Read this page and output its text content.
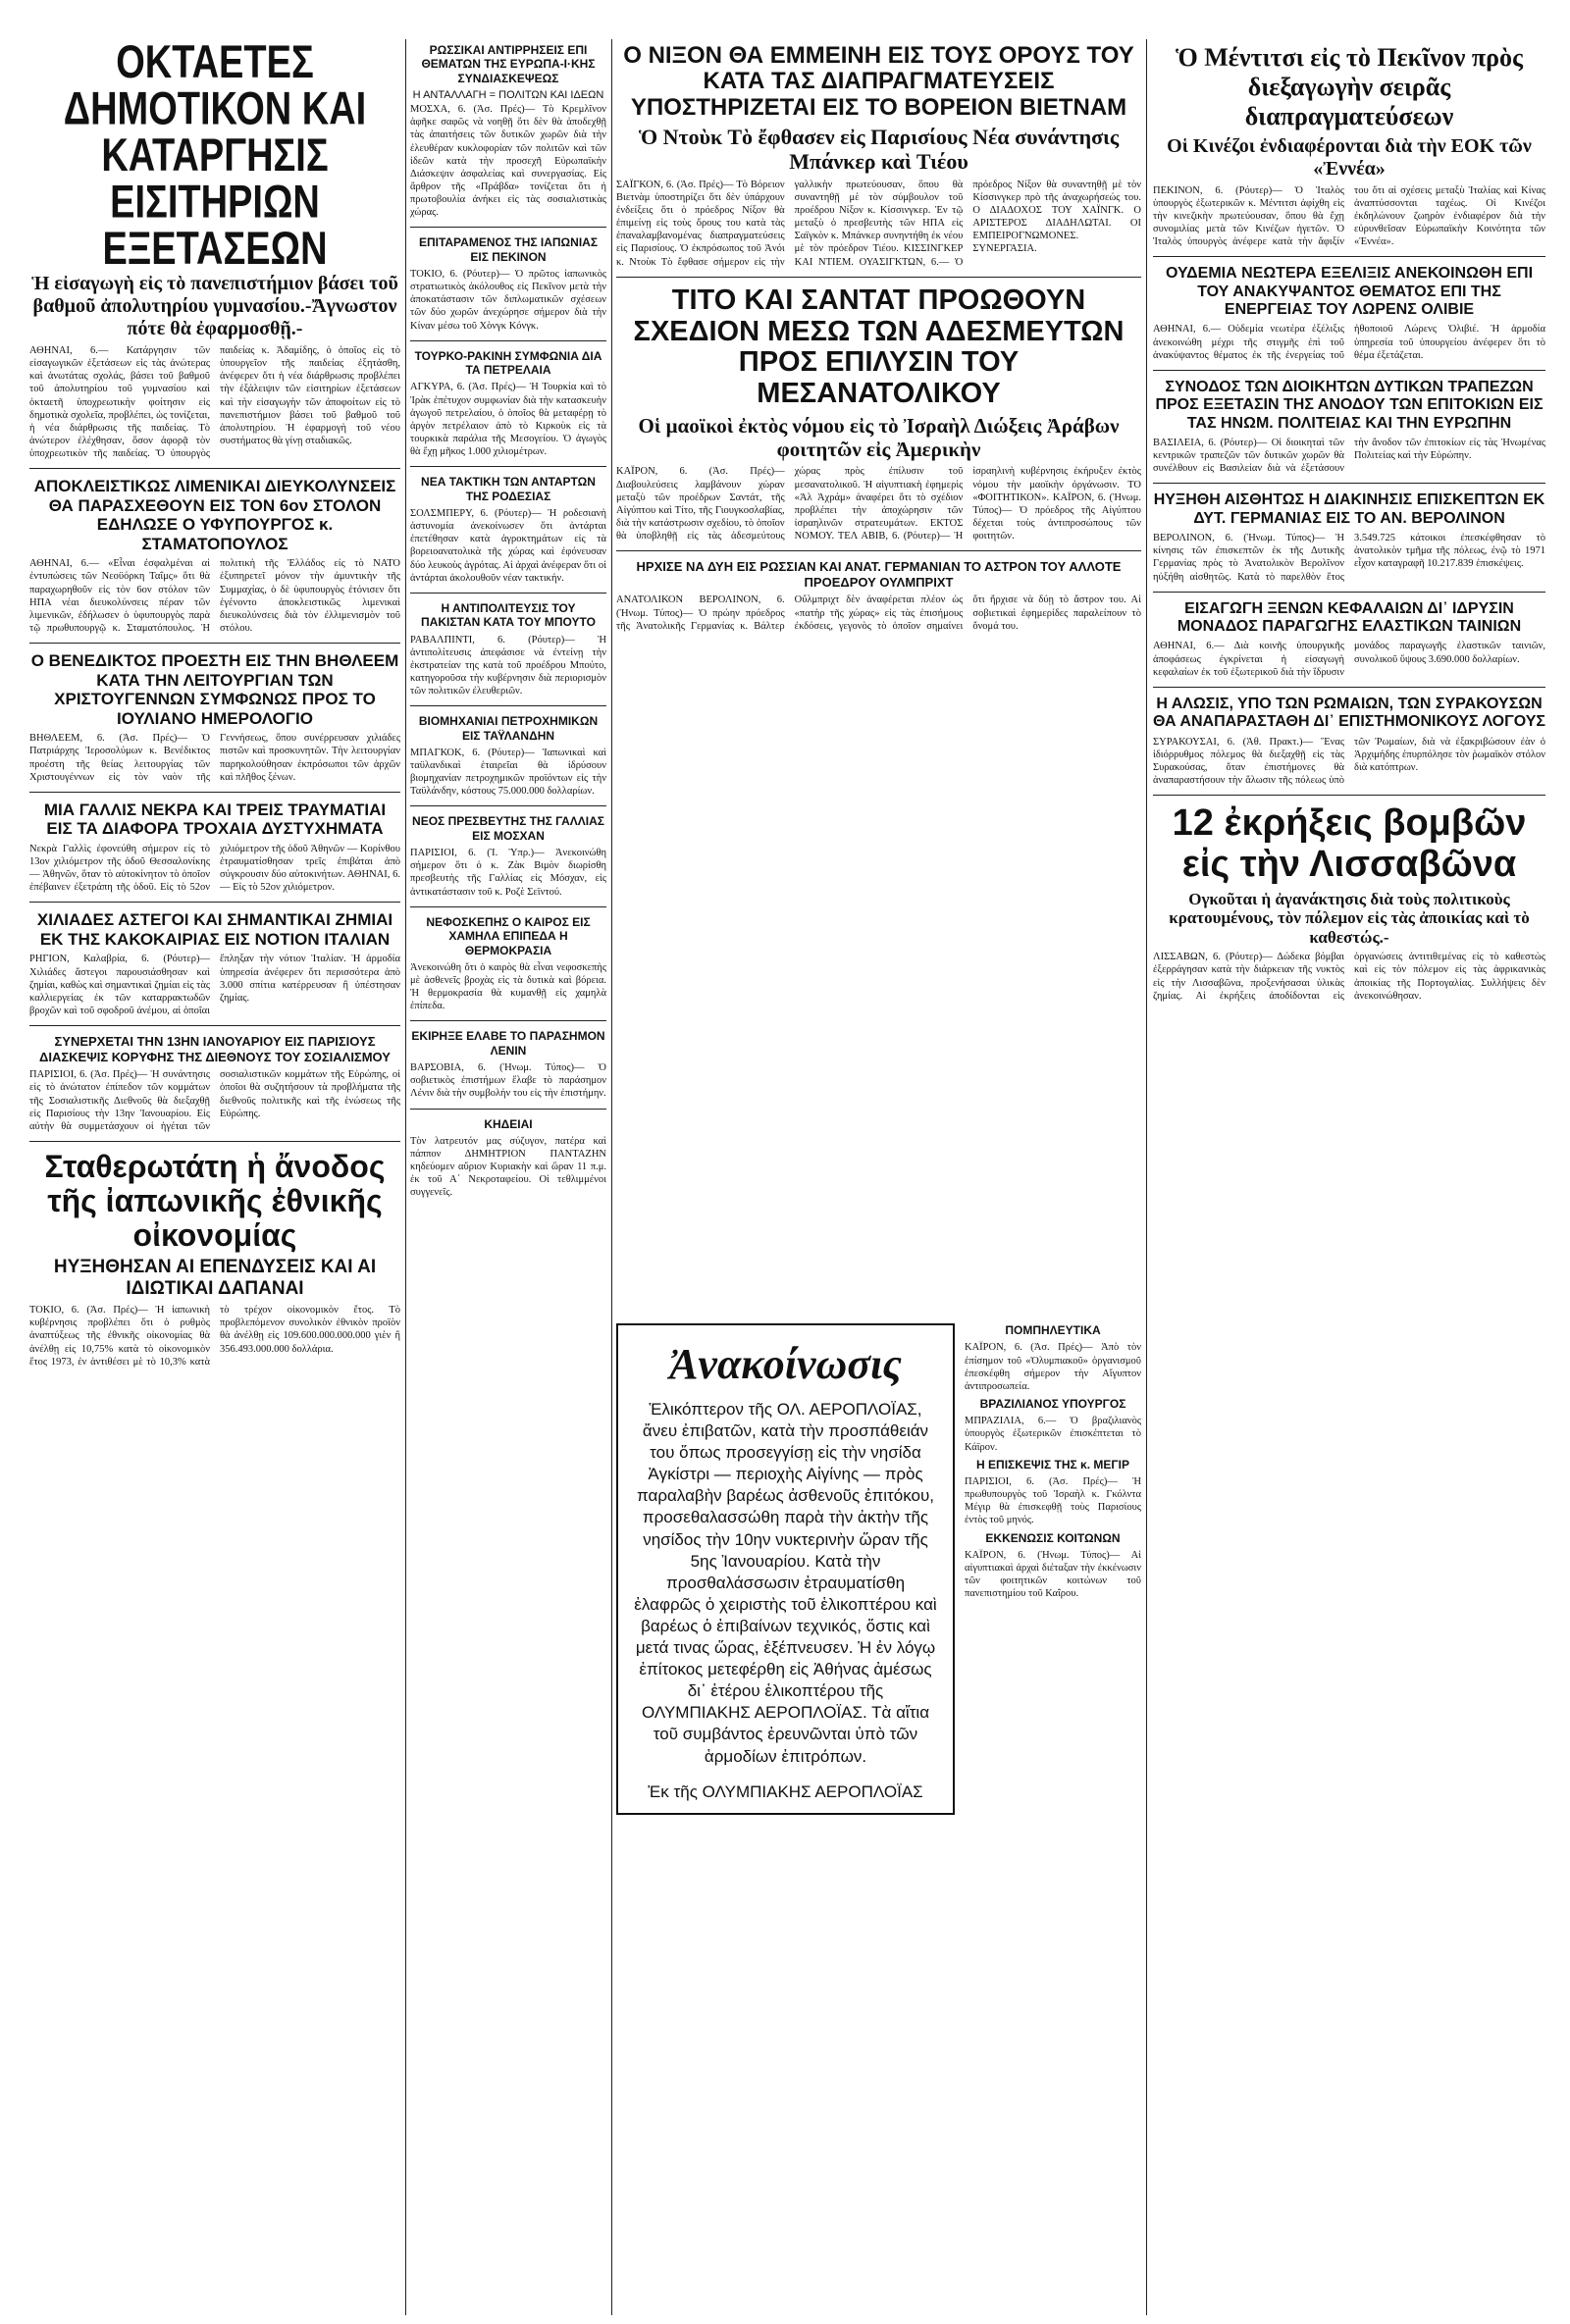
ΟΚΤΑΕΤΕΣ ΔΗΜΟΤΙΚΟΝ ΚΑΙ ΚΑΤΑΡΓΗΣΙΣ ΕΙΣΙΤΗΡΙΩΝ ΕΞΕΤΑΣΕΩΝ
Ἡ εἰσαγωγὴ εἰς τὸ πανεπιστήμιον βάσει τοῦ βαθμοῦ ἀπολυτηρίου γυμνασίου.-Ἄγνωστον πότε θὰ ἐφαρμοσθῇ.-

ΑΘΗΝΑΙ, 6.— Κατάργησιν τῶν εἰσαγωγικῶν ἐξετάσεων εἰς τὰς ἀνώτερας καὶ ἀνωτάτας σχολάς, βάσει τοῦ βαθμοῦ τοῦ ἀπολυτηρίου τοῦ γυμνασίου καὶ ὀκταετῆ ὑποχρεωτικὴν φοίτησιν εἰς δημοτικὰ σχολεῖα, προβλέπει, ὡς τονίζεται, ἡ νέα διάρθρωσις τῆς παιδείας. Τὸ ἀνώτερον ἐλέχθησαν, ὅσον ἀφορᾷ τὸν ὑποχρεωτικὸν τῆς παιδείας. Ὅ ὑπουργὸς παιδείας κ. Ἀδαμίδης, ὁ ὁποῖος εἰς τὸ ὑπουργεῖον τῆς παιδείας ἐξητάσθη, ἀνέφερεν ὅτι ἡ νέα διάρθρωσις προβλέπει τὴν ἐξάλειψιν τῶν εἰσιτηρίων ἐξετάσεων καὶ τὴν εἰσαγωγὴν τῶν ἀποφοίτων εἰς τὸ πανεπιστήμιον βάσει τοῦ βαθμοῦ τοῦ ἀπολυτηρίου. Ἡ ἐφαρμογὴ τοῦ νέου συστήματος θὰ γίνῃ σταδιακῶς.

ΑΠΟΚΛΕΙΣΤΙΚΩΣ ΛΙΜΕΝΙΚΑΙ ΔΙΕΥΚΟΛΥΝΣΕΙΣ ΘΑ ΠΑΡΑΣΧΕΘΟΥΝ ΕΙΣ ΤΟΝ 6ον ΣΤΟΛΟΝ ΕΔΗΛΩΣΕ Ο ΥΦΥΠΟΥΡΓΟΣ κ. ΣΤΑΜΑΤΟΠΟΥΛΟΣ

ΑΘΗΝΑΙ, 6.— «Εἶναι ἐσφαλμέναι αἱ ἐντυπώσεις τῶν Νεοϋόρκη Ταΐμς» ὅτι θὰ παραχωρηθοῦν εἰς τὸν 6ον στόλον τῶν ΗΠΑ νέαι διευκολύνσεις πέραν τῶν λιμενικῶν, ἐδήλωσεν ὁ ὑφυπουργὸς παρὰ τῷ πρωθυπουργῷ κ. Σταματόπουλος. Ἡ πολιτικὴ τῆς Ἑλλάδος εἰς τὸ ΝΑΤΟ ἐξυπηρετεῖ μόνον τὴν ἀμυντικὴν τῆς Συμμαχίας, ὁ δὲ ὑφυπουργὸς ἐτόνισεν ὅτι ἐγένοντο ἀποκλειστικῶς λιμενικαὶ διευκολύνσεις διὰ τὸν ἐλλιμενισμὸν τοῦ στόλου.

Ο ΒΕΝΕΔΙΚΤΟΣ ΠΡΟΕΣΤΗ ΕΙΣ ΤΗΝ ΒΗΘΛΕΕΜ ΚΑΤΑ ΤΗΝ ΛΕΙΤΟΥΡΓΙΑΝ ΤΩΝ ΧΡΙΣΤΟΥΓΕΝΝΩΝ ΣΥΜΦΩΝΩΣ ΠΡΟΣ ΤΟ ΙΟΥΛΙΑΝΟ ΗΜΕΡΟΛΟΓΙΟ

ΒΗΘΛΕΕΜ, 6. (Ἀσ. Πρές)— Ὁ Πατριάρχης Ἱεροσολύμων κ. Βενέδικτος προέστη τῆς θείας λειτουργίας τῶν Χριστουγέννων εἰς τὸν ναὸν τῆς Γεννήσεως, ὅπου συνέρρευσαν χιλιάδες πιστῶν καὶ προσκυνητῶν. Τὴν λειτουργίαν παρηκολούθησαν ἐκπρόσωποι τῶν ἀρχῶν καὶ πλῆθος ξένων.

ΜΙΑ ΓΑΛΛΙΣ ΝΕΚΡΑ ΚΑΙ ΤΡΕΙΣ ΤΡΑΥΜΑΤΙΑΙ ΕΙΣ ΤΑ ΔΙΑΦΟΡΑ ΤΡΟΧΑΙΑ ΔΥΣΤΥΧΗΜΑΤΑ

Νεκρὰ Γαλλὶς ἐφονεύθη σήμερον εἰς τὸ 13ον χιλιόμετρον τῆς ὁδοῦ Θεσσαλονίκης — Ἀθηνῶν, ὅταν τὸ αὐτοκίνητον τὸ ὁποῖον ἐπέβαινεν ἐξετράπη τῆς ὁδοῦ. Εἰς τὸ 52ον χιλιόμετρον τῆς ὁδοῦ Ἀθηνῶν — Κορίνθου ἐτραυματίσθησαν τρεῖς ἐπιβάται ἀπὸ σύγκρουσιν δύο αὐτοκινήτων. ΑΘΗΝΑΙ, 6.— Εἰς τὸ 52ον χιλιόμετρον.

ΧΙΛΙΑΔΕΣ ΑΣΤΕΓΟΙ ΚΑΙ ΣΗΜΑΝΤΙΚΑΙ ΖΗΜΙΑΙ ΕΚ ΤΗΣ ΚΑΚΟΚΑΙΡΙΑΣ ΕΙΣ ΝΟΤΙΟΝ ΙΤΑΛΙΑΝ

ΡΗΓΙΟΝ, Καλαβρία, 6. (Ρόυτερ)— Χιλιάδες ἄστεγοι παρουσιάσθησαν καὶ ζημίαι, καθὼς καὶ σημαντικαὶ ζημίαι εἰς τὰς καλλιεργείας ἐκ τῶν καταρρακτωδῶν βροχῶν καὶ τοῦ σφοδροῦ ἀνέμου, αἱ ὁποῖαι ἔπληξαν τὴν νότιον Ἰταλίαν. Ἡ ἀρμοδία ὑπηρεσία ἀνέφερεν ὅτι περισσότερα ἀπὸ 3.000 σπίτια κατέρρευσαν ἢ ὑπέστησαν ζημίας.

ΣΥΝΕΡΧΕΤΑΙ ΤΗΝ 13ΗΝ ΙΑΝΟΥΑΡΙΟΥ ΕΙΣ ΠΑΡΙΣΙΟΥΣ ΔΙΑΣΚΕΨΙΣ ΚΟΡΥΦΗΣ ΤΗΣ ΔΙΕΘΝΟΥΣ ΤΟΥ ΣΟΣΙΑΛΙΣΜΟΥ

ΠΑΡΙΣΙΟΙ, 6. (Ἀσ. Πρές)— Ἡ συνάντησις εἰς τὸ ἀνώτατον ἐπίπεδον τῶν κομμάτων τῆς Σοσιαλιστικῆς Διεθνοῦς θὰ διεξαχθῇ εἰς Παρισίους τὴν 13ην Ἰανουαρίου. Εἰς αὐτὴν θὰ συμμετάσχουν οἱ ἡγέται τῶν σοσιαλιστικῶν κομμάτων τῆς Εὐρώπης, οἱ ὁποῖοι θὰ συζητήσουν τὰ προβλήματα τῆς διεθνοῦς πολιτικῆς καὶ τῆς ἑνώσεως τῆς Εὐρώπης.

Σταθερωτάτη ἡ ἄνοδος τῆς ἰαπωνικῆς ἐθνικῆς οἰκονομίας
ΗΥΞΗΘΗΣΑΝ ΑΙ ΕΠΕΝΔΥΣΕΙΣ ΚΑΙ ΑΙ ΙΔΙΩΤΙΚΑΙ ΔΑΠΑΝΑΙ

ΤΟΚΙΟ, 6. (Ἀσ. Πρές)— Ἡ ἰαπωνικὴ κυβέρνησις προβλέπει ὅτι ὁ ρυθμὸς ἀναπτύξεως τῆς ἐθνικῆς οἰκονομίας θὰ ἀνέλθῃ εἰς 10,75% κατὰ τὸ οἰκονομικὸν ἔτος 1973, ἐν ἀντιθέσει μὲ τὸ 10,3% κατὰ τὸ τρέχον οἰκονομικὸν ἔτος. Τὸ προβλεπόμενον συνολικὸν ἐθνικὸν προϊὸν θὰ ἀνέλθῃ εἰς 109.600.000.000.000 γιὲν ἢ 356.493.000.000 δολλάρια.

ΡΩΣΣΙΚΑΙ ΑΝΤΙΡΡΗΣΕΙΣ ΕΠΙ ΘΕΜΑΤΩΝ ΤΗΣ ΕΥΡΩΠΑ-Ι·ΚΗΣ ΣΥΝΔΙΑΣΚΕΨΕΩΣ
Η ΑΝΤΑΛΛΑΓΗ = ΠΟΛΙΤΩΝ ΚΑΙ ΙΔΕΩΝ

ΜΟΣΧΑ, 6. (Ἀσ. Πρές)— Τὸ Κρεμλῖνον ἀφῆκε σαφῶς νὰ νοηθῇ ὅτι δὲν θὰ ἀποδεχθῇ τὰς ἀπαιτήσεις τῶν δυτικῶν χωρῶν διὰ τὴν ἐλευθέραν κυκλοφορίαν τῶν πολιτῶν καὶ τῶν ἰδεῶν κατὰ τὴν προσεχῆ Εὐρωπαϊκὴν Διάσκεψιν ἀσφαλείας καὶ συνεργασίας. Εἰς ἄρθρον τῆς «Πράβδα» τονίζεται ὅτι ἡ πρωτοβουλία ἀνήκει εἰς τὰς σοσιαλιστικὰς χώρας.

ΕΠΙΤΑΡΑΜΕΝΟΣ ΤΗΣ ΙΑΠΩΝΙΑΣ ΕΙΣ ΠΕΚΙΝΟΝ

ΤΟΚΙΟ, 6. (Ρόυτερ)— Ὁ πρῶτος ἰαπωνικὸς στρατιωτικὸς ἀκόλουθος εἰς Πεκῖνον μετὰ τὴν ἀποκατάστασιν τῶν διπλωματικῶν σχέσεων τῶν δύο χωρῶν ἀνεχώρησε σήμερον διὰ τὴν Κίναν μέσω τοῦ Χὸνγκ Κόνγκ.

ΤΟΥΡΚΟ-ΡΑΚΙΝΗ ΣΥΜΦΩΝΙΑ ΔΙΑ ΤΑ ΠΕΤΡΕΛΑΙΑ

ΑΓΚΥΡΑ, 6. (Ἀσ. Πρές)— Ἡ Τουρκία καὶ τὸ Ἰρὰκ ἐπέτυχον συμφωνίαν διὰ τὴν κατασκευὴν ἀγωγοῦ πετρελαίου, ὁ ὁποῖος θὰ μεταφέρῃ τὸ ἀργὸν πετρέλαιον ἀπὸ τὸ Κιρκοὺκ εἰς τὰ τουρκικὰ παράλια τῆς Μεσογείου. Ὁ ἀγωγὸς θὰ ἔχῃ μῆκος 1.000 χιλιομέτρων.

ΝΕΑ ΤΑΚΤΙΚΗ ΤΩΝ ΑΝΤΑΡΤΩΝ ΤΗΣ ΡΟΔΕΣΙΑΣ

ΣΟΛΣΜΠΕΡΥ, 6. (Ρόυτερ)— Ἡ ροδεσιανὴ ἀστυνομία ἀνεκοίνωσεν ὅτι ἀντάρται ἐπετέθησαν κατὰ ἀγροκτημάτων εἰς τὰ βορειοανατολικὰ τῆς χώρας καὶ ἐφόνευσαν δύο λευκοὺς ἀγρότας. Αἱ ἀρχαὶ ἀνέφεραν ὅτι οἱ ἀντάρται ἀκολουθοῦν νέαν τακτικήν.

Η ΑΝΤΙΠΟΛΙΤΕΥΣΙΣ ΤΟΥ ΠΑΚΙΣΤΑΝ ΚΑΤΑ ΤΟΥ ΜΠΟΥΤΟ

ΡΑΒΑΛΠΙΝΤΙ, 6. (Ρόυτερ)— Ἡ ἀντιπολίτευσις ἀπεφάσισε νὰ ἐντείνῃ τὴν ἐκστρατείαν της κατὰ τοῦ προέδρου Μπούτο, κατηγοροῦσα τὴν κυβέρνησιν διὰ περιορισμὸν τῶν πολιτικῶν ἐλευθεριῶν.

ΒΙΟΜΗΧΑΝΙΑΙ ΠΕΤΡΟΧΗΜΙΚΩΝ ΕΙΣ ΤΑΫΛΑΝΔΗΝ

ΜΠΑΓΚΟΚ, 6. (Ρόυτερ)— Ἰαπωνικαὶ καὶ ταϋλανδικαὶ ἑταιρεῖαι θὰ ἱδρύσουν βιομηχανίαν πετροχημικῶν προϊόντων εἰς τὴν Ταϋλάνδην, κόστους 75.000.000 δολλαρίων.

ΝΕΟΣ ΠΡΕΣΒΕΥΤΗΣ ΤΗΣ ΓΑΛΛΙΑΣ ΕΙΣ ΜΟΣΧΑΝ

ΠΑΡΙΣΙΟΙ, 6. (Ἰ. Ὑπρ.)— Ἀνεκοινώθη σήμερον ὅτι ὁ κ. Ζὰκ Βιμὸν διωρίσθη πρεσβευτὴς τῆς Γαλλίας εἰς Μόσχαν, εἰς ἀντικατάστασιν τοῦ κ. Ροζὲ Σεϊντού.

ΝΕΦΟΣΚΕΠΗΣ Ο ΚΑΙΡΟΣ ΕΙΣ ΧΑΜΗΛΑ ΕΠΙΠΕΔΑ Η ΘΕΡΜΟΚΡΑΣΙΑ

Ἀνεκοινώθη ὅτι ὁ καιρὸς θὰ εἶναι νεφοσκεπὴς μὲ ἀσθενεῖς βροχὰς εἰς τὰ δυτικὰ καὶ βόρεια. Ἡ θερμοκρασία θὰ κυμανθῇ εἰς χαμηλὰ ἐπίπεδα.

ΕΚΙΡΗΞΕ ΕΛΑΒΕ ΤΟ ΠΑΡΑΣΗΜΟΝ ΛΕΝΙΝ

ΒΑΡΣΟΒΙΑ, 6. (Ἠνωμ. Τύπος)— Ὁ σοβιετικὸς ἐπιστήμων ἔλαβε τὸ παράσημον Λένιν διὰ τὴν συμβολήν του εἰς τὴν ἐπιστήμην.

ΚΗΔΕΙΑΙ

Τὸν λατρευτόν μας σύζυγον, πατέρα καὶ πάππον ΔΗΜΗΤΡΙΟΝ ΠΑΝΤΑΖΗΝ κηδεύομεν αὔριον Κυριακὴν καὶ ὥραν 11 π.μ. ἐκ τοῦ Α΄ Νεκροταφείου. Οἱ τεθλιμμένοι συγγενεῖς.

Ο ΝΙΞΟΝ ΘΑ ΕΜΜΕΙΝΗ ΕΙΣ ΤΟΥΣ ΟΡΟΥΣ ΤΟΥ ΚΑΤΑ ΤΑΣ ΔΙΑΠΡΑΓΜΑΤΕΥΣΕΙΣ ΥΠΟΣΤΗΡΙΖΕΤΑΙ ΕΙΣ ΤΟ ΒΟΡΕΙΟΝ ΒΙΕΤΝΑΜ
Ὁ Ντοὺκ Τὸ ἔφθασεν εἰς Παρισίους Νέα συνάντησις Μπάνκερ καὶ Τιέου

ΣΑΪΓΚΟΝ, 6. (Ἀσ. Πρές)— Τὸ Βόρειον Βιετνὰμ ὑποστηρίζει ὅτι δὲν ὑπάρχουν ἐνδείξεις ὅτι ὁ πρόεδρος Νίξον θὰ ἐπιμείνῃ εἰς τοὺς ὅρους του κατὰ τὰς ἐπαναλαμβανομένας διαπραγματεύσεις εἰς Παρισίους. Ὁ ἐκπρόσωπος τοῦ Ἀνόι κ. Ντοὺκ Τὸ ἔφθασε σήμερον εἰς τὴν γαλλικὴν πρωτεύουσαν, ὅπου θὰ συναντηθῇ μὲ τὸν σύμβουλον τοῦ προέδρου Νίξον κ. Κίσσινγκερ. Ἐν τῷ μεταξὺ ὁ πρεσβευτὴς τῶν ΗΠΑ εἰς Σαϊγκὸν κ. Μπάνκερ συνηντήθη ἐκ νέου μὲ τὸν πρόεδρον Τιέου. ΚΙΣΣΙΝΓΚΕΡ ΚΑΙ ΝΤΙΕΜ. ΟΥΑΣΙΓΚΤΩΝ, 6.— Ὁ πρόεδρος Νίξον θὰ συναντηθῇ μὲ τὸν Κίσσινγκερ πρὸ τῆς ἀναχωρήσεώς του. Ο ΔΙΑΔΟΧΟΣ ΤΟΥ ΧΑΪΝΓΚ. Ο ΑΡΙΣΤΕΡΟΣ ΔΙΑΔΗΛΩΤΑΙ. ΟΙ ΕΜΠΕΙΡΟΓΝΩΜΟΝΕΣ. ΣΥΝΕΡΓΑΣΙΑ.

ΤΙΤΟ ΚΑΙ ΣΑΝΤΑΤ ΠΡΟΩΘΟΥΝ ΣΧΕΔΙΟΝ ΜΕΣΩ ΤΩΝ ΑΔΕΣΜΕΥΤΩΝ ΠΡΟΣ ΕΠΙΛΥΣΙΝ ΤΟΥ ΜΕΣΑΝΑΤΟΛΙΚΟΥ
Οἱ μαοϊκοὶ ἐκτὸς νόμου εἰς τὸ Ἰσραὴλ Διώξεις Ἀράβων φοιτητῶν εἰς Ἀμερικὴν

ΚΑΪΡΟΝ, 6. (Ἀσ. Πρές)— Διαβουλεύσεις λαμβάνουν χώραν μεταξὺ τῶν προέδρων Σαντάτ, τῆς Αἰγύπτου καὶ Τίτο, τῆς Γιουγκοσλαβίας, διὰ τὴν κατάστρωσιν σχεδίου, τὸ ὁποῖον θὰ ὑποβληθῇ εἰς τὰς ἀδεσμεύτους χώρας πρὸς ἐπίλυσιν τοῦ μεσανατολικοῦ. Ἡ αἰγυπτιακὴ ἐφημερὶς «Ἀλ Ἀχράμ» ἀναφέρει ὅτι τὸ σχέδιον προβλέπει τὴν ἀποχώρησιν τῶν ἰσραηλινῶν στρατευμάτων. ΕΚΤΟΣ ΝΟΜΟΥ. ΤΕΛ ΑΒΙΒ, 6. (Ρόυτερ)— Ἡ ἰσραηλινὴ κυβέρνησις ἐκήρυξεν ἐκτὸς νόμου τὴν μαοϊκὴν ὀργάνωσιν. ΤΟ «ΦΟΙΤΗΤΙΚΟΝ». ΚΑΪΡΟΝ, 6. (Ἠνωμ. Τύπος)— Ὁ πρόεδρος τῆς Αἰγύπτου δέχεται τοὺς ἀντιπροσώπους τῶν φοιτητῶν.

ΗΡΧΙΣΕ ΝΑ ΔΥΗ ΕΙΣ ΡΩΣΣΙΑΝ ΚΑΙ ΑΝΑΤ. ΓΕΡΜΑΝΙΑΝ ΤΟ ΑΣΤΡΟΝ ΤΟΥ ΑΛΛΟΤΕ ΠΡΟΕΔΡΟΥ ΟΥΛΜΠΡΙΧΤ

ΑΝΑΤΟΛΙΚΟΝ ΒΕΡΟΛΙΝΟΝ, 6. (Ἠνωμ. Τύπος)— Ὁ πρώην πρόεδρος τῆς Ἀνατολικῆς Γερμανίας κ. Βάλτερ Οὔλμπριχτ δὲν ἀναφέρεται πλέον ὡς «πατὴρ τῆς χώρας» εἰς τὰς ἐπισήμους ἐκδόσεις, γεγονὸς τὸ ὁποῖον σημαίνει ὅτι ἤρχισε νὰ δύῃ τὸ ἄστρον του. Αἱ σοβιετικαὶ ἐφημερίδες παραλείπουν τὸ ὄνομά του.

Ἀνακοίνωσις
Ἑλικόπτερον τῆς ΟΛ. ΑΕΡΟΠΛΟΪΑΣ, ἄνευ ἐπιβατῶν, κατὰ τὴν προσπάθειάν του ὅπως προσεγγίσῃ εἰς τὴν νησίδα Ἀγκίστρι — περιοχὴς Αἰγίνης — πρὸς παραλαβὴν βαρέως ἀσθενοῦς ἐπιτόκου, προσεθαλασσώθη παρὰ τὴν ἀκτὴν τῆς νησίδος τὴν 10ην νυκτερινὴν ὥραν τῆς 5ης Ἰανουαρίου. Κατὰ τὴν προσθαλάσσωσιν ἐτραυματίσθη ἐλαφρῶς ὁ χειριστὴς τοῦ ἑλικοπτέρου καὶ βαρέως ὁ ἐπιβαίνων τεχνικός, ὅστις καὶ μετά τινας ὥρας, ἐξέπνευσεν. Ἡ ἐν λόγῳ ἐπίτοκος μετεφέρθη εἰς Ἀθήνας ἀμέσως δι᾽ ἑτέρου ἑλικοπτέρου τῆς ΟΛΥΜΠΙΑΚΗΣ ΑΕΡΟΠΛΟΪΑΣ. Τὰ αἴτια τοῦ συμβάντος ἐρευνῶνται ὑπὸ τῶν ἁρμοδίων ἐπιτρόπων.
Ἐκ τῆς ΟΛΥΜΠΙΑΚΗΣ ΑΕΡΟΠΛΟΪΑΣ
ΠΟΜΠΗΛΕΥΤΙΚΑ

ΚΑΪΡΟΝ, 6. (Ἀσ. Πρές)— Ἀπὸ τὸν ἐπίσημον τοῦ «Ὀλυμπιακοῦ» ὀργανισμοῦ ἐπεσκέφθη σήμερον τὴν Αἴγυπτον ἀντιπροσωπεία.

ΒΡΑΖΙΛΙΑΝΟΣ ΥΠΟΥΡΓΟΣ

ΜΠΡΑΖΙΛΙΑ, 6.— Ὁ βραζιλιανὸς ὑπουργὸς ἐξωτερικῶν ἐπισκέπτεται τὸ Κάϊρον.

Η ΕΠΙΣΚΕΨΙΣ ΤΗΣ κ. ΜΕΓΙΡ

ΠΑΡΙΣΙΟΙ, 6. (Ἀσ. Πρές)— Ἡ πρωθυπουργὸς τοῦ Ἰσραὴλ κ. Γκόλντα Μέγιρ θὰ ἐπισκεφθῇ τοὺς Παρισίους ἐντὸς τοῦ μηνός.

ΕΚΚΕΝΩΣΙΣ ΚΟΙΤΩΝΩΝ

ΚΑΪΡΟΝ, 6. (Ἠνωμ. Τύπος)— Αἱ αἰγυπτιακαὶ ἀρχαὶ διέταξαν τὴν ἐκκένωσιν τῶν φοιτητικῶν κοιτώνων τοῦ πανεπιστημίου τοῦ Καΐρου.

Ὁ Μέντιτσι εἰς τὸ Πεκῖνον πρὸς διεξαγωγὴν σειρᾶς διαπραγματεύσεων
Οἱ Κινέζοι ἐνδιαφέρονται διὰ τὴν ΕΟΚ τῶν «Ἐννέα»

ΠΕΚΙΝΟΝ, 6. (Ρόυτερ)— Ὁ Ἰταλὸς ὑπουργὸς ἐξωτερικῶν κ. Μέντιτσι ἀφίχθη εἰς τὴν κινεζικὴν πρωτεύουσαν, ὅπου θὰ ἔχῃ συνομιλίας μετὰ τῶν Κινέζων ἡγετῶν. Ὁ Ἰταλὸς ὑπουργὸς ἀνέφερε κατὰ τὴν ἄφιξίν του ὅτι αἱ σχέσεις μεταξὺ Ἰταλίας καὶ Κίνας ἀναπτύσσονται ταχέως. Οἱ Κινέζοι ἐκδηλώνουν ζωηρὸν ἐνδιαφέρον διὰ τὴν εὐρυνθεῖσαν Εὐρωπαϊκὴν Κοινότητα τῶν «Ἐννέα».

ΟΥΔΕΜΙΑ ΝΕΩΤΕΡΑ ΕΞΕΛΙΞΙΣ ΑΝΕΚΟΙΝΩΘΗ ΕΠΙ ΤΟΥ ΑΝΑΚΥΨΑΝΤΟΣ ΘΕΜΑΤΟΣ ΕΠΙ ΤΗΣ ΕΝΕΡΓΕΙΑΣ ΤΟΥ ΛΩΡΕΝΣ ΟΛΙΒΙΕ

ΑΘΗΝΑΙ, 6.— Οὐδεμία νεωτέρα ἐξέλιξις ἀνεκοινώθη μέχρι τῆς στιγμῆς ἐπὶ τοῦ ἀνακύψαντος θέματος ἐκ τῆς ἐνεργείας τοῦ ἠθοποιοῦ Λώρενς Ὀλιβιέ. Ἡ ἁρμοδία ὑπηρεσία τοῦ ὑπουργείου ἀνέφερεν ὅτι τὸ θέμα ἐξετάζεται.

ΣΥΝΟΔΟΣ ΤΩΝ ΔΙΟΙΚΗΤΩΝ ΔΥΤΙΚΩΝ ΤΡΑΠΕΖΩΝ ΠΡΟΣ ΕΞΕΤΑΣΙΝ ΤΗΣ ΑΝΟΔΟΥ ΤΩΝ ΕΠΙΤΟΚΙΩΝ ΕΙΣ ΤΑΣ ΗΝΩΜ. ΠΟΛΙΤΕΙΑΣ ΚΑΙ ΤΗΝ ΕΥΡΩΠΗΝ

ΒΑΣΙΛΕΙΑ, 6. (Ρόυτερ)— Οἱ διοικηταὶ τῶν κεντρικῶν τραπεζῶν τῶν δυτικῶν χωρῶν θὰ συνέλθουν εἰς Βασιλείαν διὰ νὰ ἐξετάσουν τὴν ἄνοδον τῶν ἐπιτοκίων εἰς τὰς Ἡνωμένας Πολιτείας καὶ τὴν Εὐρώπην.

ΗΥΞΗΘΗ ΑΙΣΘΗΤΩΣ Η ΔΙΑΚΙΝΗΣΙΣ ΕΠΙΣΚΕΠΤΩΝ ΕΚ ΔΥΤ. ΓΕΡΜΑΝΙΑΣ ΕΙΣ ΤΟ ΑΝ. ΒΕΡΟΛΙΝΟΝ

ΒΕΡΟΛΙΝΟΝ, 6. (Ἠνωμ. Τύπος)— Ἡ κίνησις τῶν ἐπισκεπτῶν ἐκ τῆς Δυτικῆς Γερμανίας πρὸς τὸ Ἀνατολικὸν Βερολῖνον ηὐξήθη αἰσθητῶς. Κατὰ τὸ παρελθὸν ἔτος 3.549.725 κάτοικοι ἐπεσκέφθησαν τὸ ἀνατολικὸν τμῆμα τῆς πόλεως, ἐνῷ τὸ 1971 εἶχον καταγραφῆ 10.217.839 ἐπισκέψεις.

ΕΙΣΑΓΩΓΗ ΞΕΝΩΝ ΚΕΦΑΛΑΙΩΝ ΔΙ᾽ ΙΔΡΥΣΙΝ ΜΟΝΑΔΟΣ ΠΑΡΑΓΩΓΗΣ ΕΛΑΣΤΙΚΩΝ ΤΑΙΝΙΩΝ

ΑΘΗΝΑΙ, 6.— Διὰ κοινῆς ὑπουργικῆς ἀποφάσεως ἐγκρίνεται ἡ εἰσαγωγὴ κεφαλαίων ἐκ τοῦ ἐξωτερικοῦ διὰ τὴν ἵδρυσιν μονάδος παραγωγῆς ἐλαστικῶν ταινιῶν, συνολικοῦ ὕψους 3.690.000 δολλαρίων.

Η ΑΛΩΣΙΣ, ΥΠΟ ΤΩΝ ΡΩΜΑΙΩΝ, ΤΩΝ ΣΥΡΑΚΟΥΣΩΝ ΘΑ ΑΝΑΠΑΡΑΣΤΑΘΗ ΔΙ᾽ ΕΠΙΣΤΗΜΟΝΙΚΟΥΣ ΛΟΓΟΥΣ

ΣΥΡΑΚΟΥΣΑΙ, 6. (Ἀθ. Πρακτ.)— Ἕνας ἰδιόρρυθμος πόλεμος θὰ διεξαχθῇ εἰς τὰς Συρακούσας, ὅταν ἐπιστήμονες θὰ ἀναπαραστήσουν τὴν ἅλωσιν τῆς πόλεως ὑπὸ τῶν Ῥωμαίων, διὰ νὰ ἐξακριβώσουν ἐὰν ὁ Ἀρχιμήδης ἐπυρπόλησε τὸν ῥωμαϊκὸν στόλον διὰ κατόπτρων.

12 ἐκρήξεις βομβῶν εἰς τὴν Λισσαβῶνα
Ογκοῦται ἡ ἀγανάκτησις διὰ τοὺς πολιτικοὺς κρατουμένους, τὸν πόλεμον εἰς τὰς ἀποικίας καὶ τὸ καθεστώς.-

ΛΙΣΣΑΒΩΝ, 6. (Ρόυτερ)— Δώδεκα βόμβαι ἐξερράγησαν κατὰ τὴν διάρκειαν τῆς νυκτὸς εἰς τὴν Λισσαβῶνα, προξενήσασαι ὑλικὰς ζημίας. Αἱ ἐκρήξεις ἀποδίδονται εἰς ὀργανώσεις ἀντιτιθεμένας εἰς τὸ καθεστὼς καὶ εἰς τὸν πόλεμον εἰς τὰς ἀφρικανικὰς ἀποικίας τῆς Πορτογαλίας. Συλλήψεις δὲν ἀνεκοινώθησαν.
